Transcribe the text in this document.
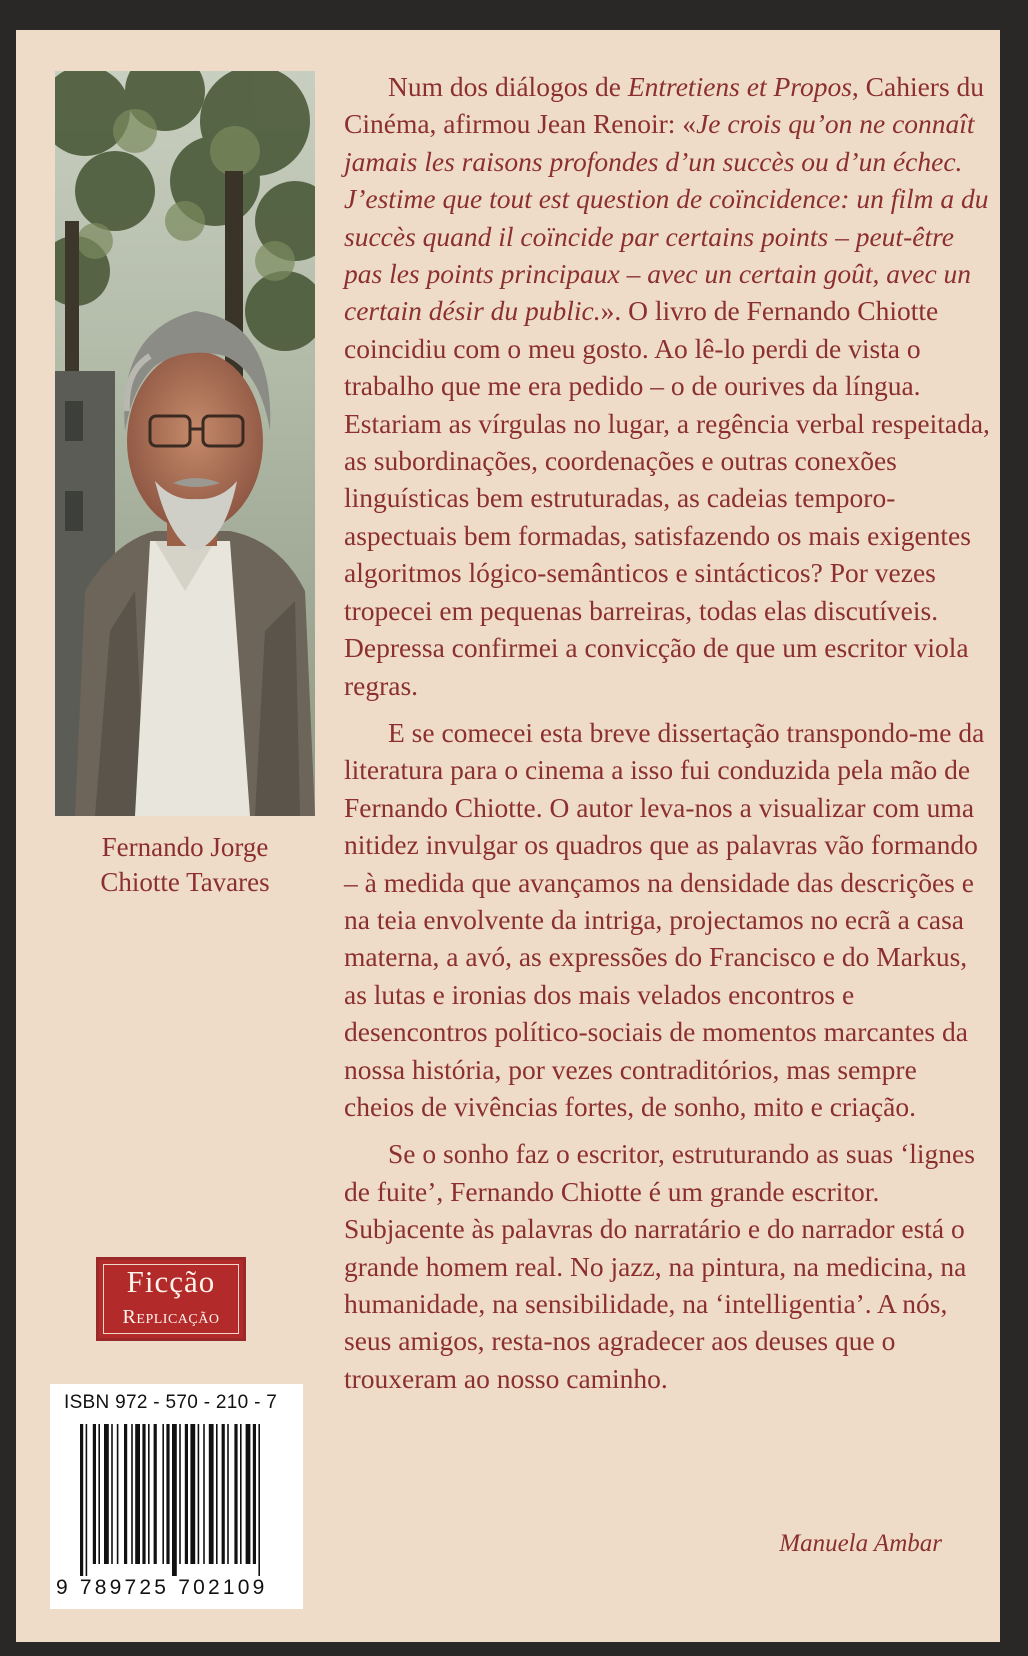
Fernando Jorge
Chiotte Tavares

Num dos diálogos de Entretiens et Propos, Cahiers du Cinéma, afirmou Jean Renoir: «Je crois qu’on ne connaît jamais les raisons profondes d’un succès ou d’un échec. J’estime que tout est question de coïncidence: un film a du succès quand il coïncide par certains points – peut-être pas les points principaux – avec un certain goût, avec un certain désir du public.». O livro de Fernando Chiotte coincidiu com o meu gosto. Ao lê-lo perdi de vista o trabalho que me era pedido – o de ourives da língua. Estariam as vírgulas no lugar, a regência verbal respeitada, as subordinações, coordenações e outras conexões linguísticas bem estruturadas, as cadeias temporo-aspectuais bem formadas, satisfazendo os mais exigentes algoritmos lógico-semânticos e sintácticos? Por vezes tropecei em pequenas barreiras, todas elas discutíveis. Depressa confirmei a convicção de que um escritor viola regras.

E se comecei esta breve dissertação transpondo-me da literatura para o cinema a isso fui conduzida pela mão de Fernando Chiotte. O autor leva-nos a visualizar com uma nitidez invulgar os quadros que as palavras vão formando – à medida que avançamos na densidade das descrições e na teia envolvente da intriga, projectamos no ecrã a casa materna, a avó, as expressões do Francisco e do Markus, as lutas e ironias dos mais velados encontros e desencontros político-sociais de momentos marcantes da nossa história, por vezes contraditórios, mas sempre cheios de vivências fortes, de sonho, mito e criação.

Se o sonho faz o escritor, estruturando as suas ‘lignes de fuite’, Fernando Chiotte é um grande escritor. Subjacente às palavras do narratário e do narrador está o grande homem real. No jazz, na pintura, na medicina, na humanidade, na sensibilidade, na ‘intelligentia’. A nós, seus amigos, resta-nos agradecer aos deuses que o trouxeram ao nosso caminho.

Manuela Ambar
Ficção
Replicação
ISBN 972 - 570 - 210 - 7
9 789725 702109
